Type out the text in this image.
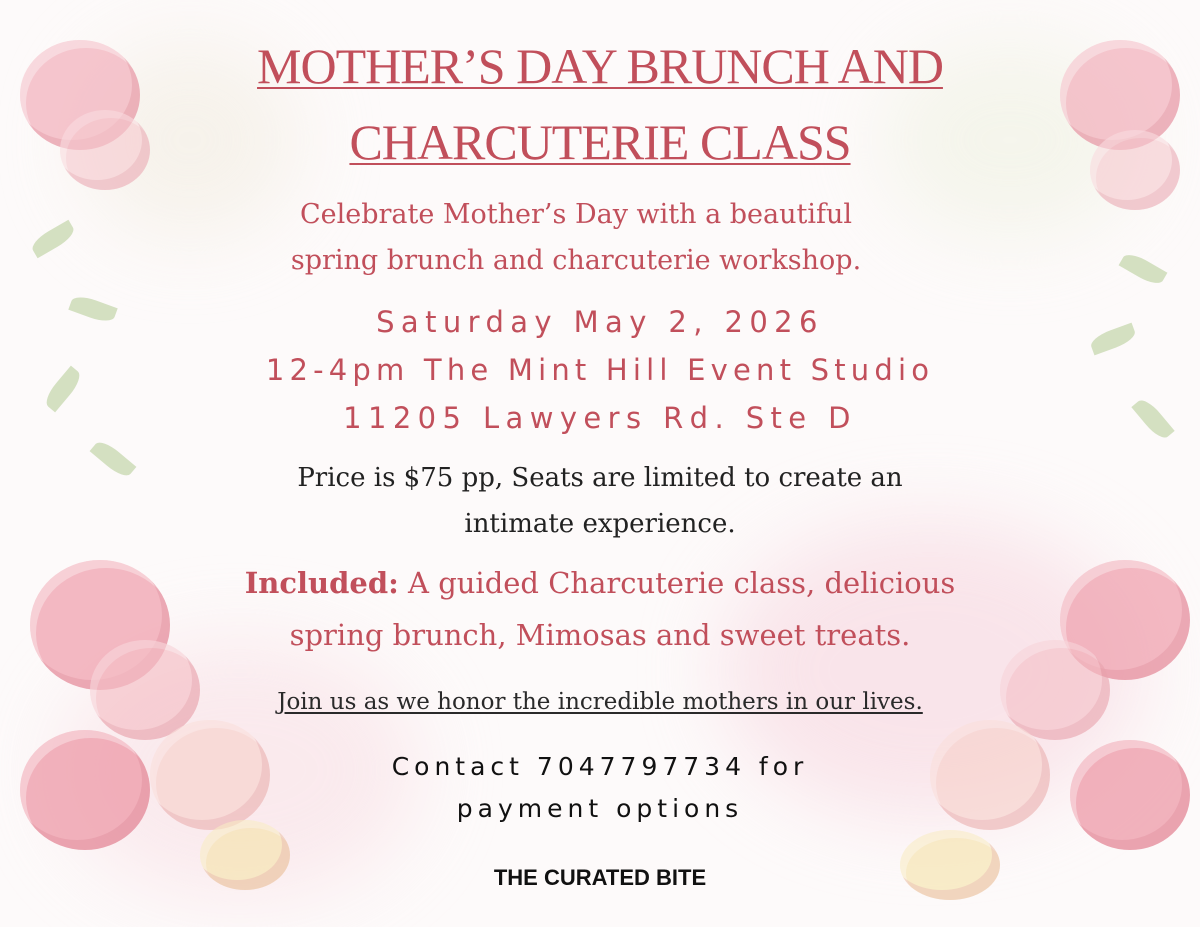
MOTHER’S DAY BRUNCH AND
CHARCUTERIE CLASS
Celebrate Mother’s Day with a beautiful
spring brunch and charcuterie workshop.
Saturday May 2, 2026
12-4pm The Mint Hill Event Studio
11205 Lawyers Rd. Ste D
Price is $75 pp, Seats are limited to create an
intimate experience.
Included: A guided Charcuterie class, delicious
spring brunch, Mimosas and sweet treats.
Join us as we honor the incredible mothers in our lives.
Contact 7047797734 for
payment options
THE CURATED BITE
